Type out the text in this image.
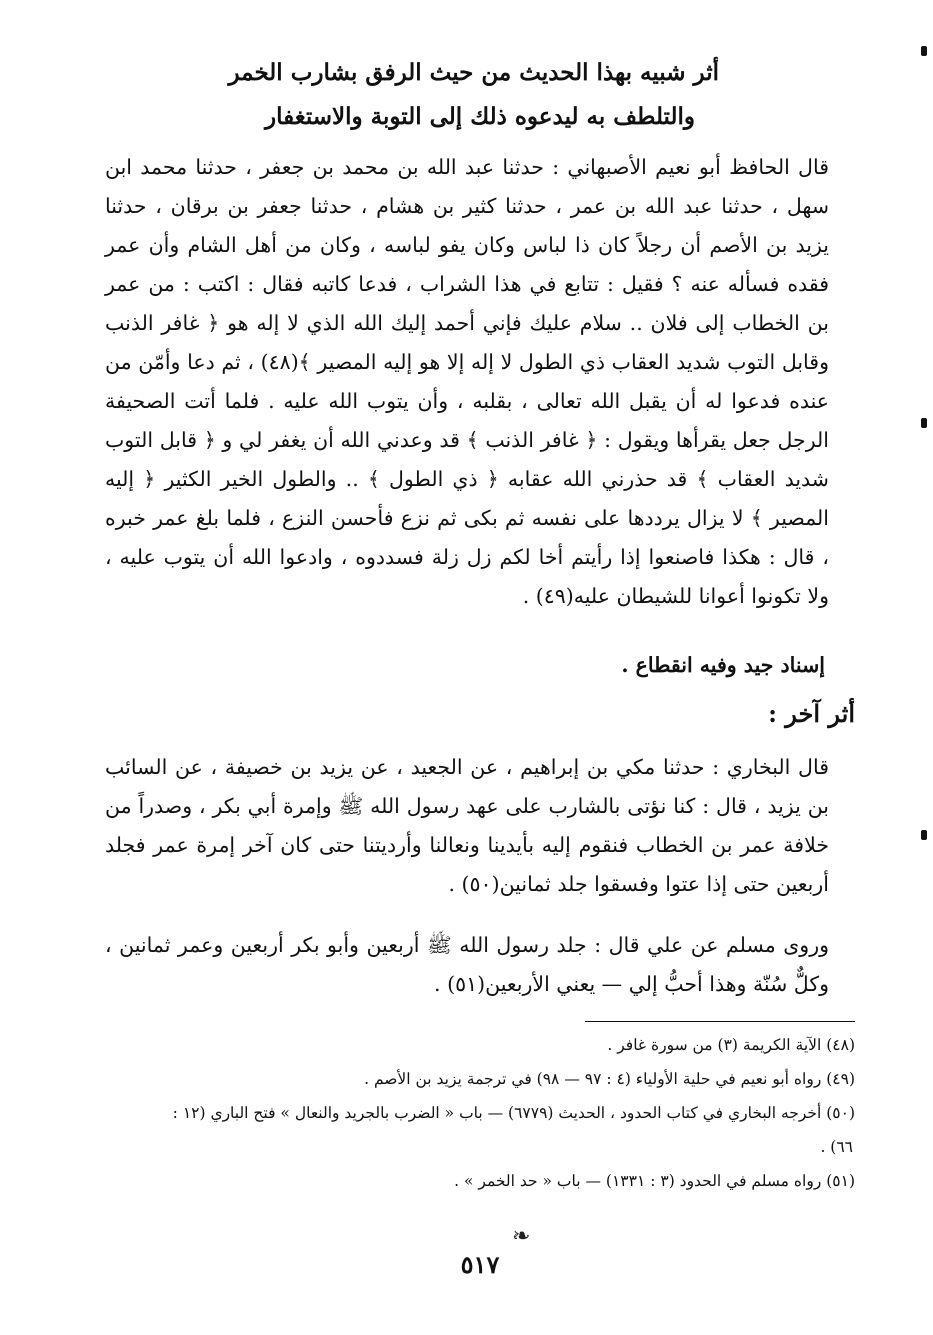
أثر شبيه بهذا الحديث من حيث الرفق بشارب الخمر
والتلطف به ليدعوه ذلك إلى التوبة والاستغفار

قال الحافظ أبو نعيم الأصبهاني : حدثنا عبد الله بن محمد بن جعفر ، حدثنا محمد ابن سهل ، حدثنا عبد الله بن عمر ، حدثنا كثير بن هشام ، حدثنا جعفر بن برقان ، حدثنا يزيد بن الأصم أن رجلاً كان ذا لباس وكان يفو لباسه ، وكان من أهل الشام وأن عمر فقده فسأله عنه ؟ فقيل : تتابع في هذا الشراب ، فدعا كاتبه فقال : اكتب : من عمر بن الخطاب إلى فلان .. سلام عليك فإني أحمد إليك الله الذي لا إله هو ﴿ غافر الذنب وقابل التوب شديد العقاب ذي الطول لا إله إلا هو إليه المصير ﴾(٤٨) ، ثم دعا وأمّن من عنده فدعوا له أن يقبل الله تعالى ، بقلبه ، وأن يتوب الله عليه . فلما أتت الصحيفة الرجل جعل يقرأها ويقول : ﴿ غافر الذنب ﴾ قد وعدني الله أن يغفر لي و ﴿ قابل التوب شديد العقاب ﴾ قد حذرني الله عقابه ﴿ ذي الطول ﴾ .. والطول الخير الكثير ﴿ إليه المصير ﴾ لا يزال يرددها على نفسه ثم بكى ثم نزع فأحسن النزع ، فلما بلغ عمر خبره ، قال : هكذا فاصنعوا إذا رأيتم أخا لكم زل زلة فسددوه ، وادعوا الله أن يتوب عليه ، ولا تكونوا أعوانا للشيطان عليه(٤٩) .

إسناد جيد وفيه انقطاع .
أثر آخر :

قال البخاري : حدثنا مكي بن إبراهيم ، عن الجعيد ، عن يزيد بن خصيفة ، عن السائب بن يزيد ، قال : كنا نؤتى بالشارب على عهد رسول الله ﷺ وإمرة أبي بكر ، وصدراً من خلافة عمر بن الخطاب فنقوم إليه بأيدينا ونعالنا وأرديتنا حتى كان آخر إمرة عمر فجلد أربعين حتى إذا عتوا وفسقوا جلد ثمانين(٥٠) .

وروى مسلم عن علي قال : جلد رسول الله ﷺ أربعين وأبو بكر أربعين وعمر ثمانين ، وكلٌّ سُنّة وهذا أحبُّ إلي — يعني الأربعين(٥١) .

(٤٨) الآية الكريمة (٣) من سورة غافر .

(٤٩) رواه أبو نعيم في حلية الأولياء (٤ : ٩٧ — ٩٨) في ترجمة يزيد بن الأصم .

(٥٠) أخرجه البخاري في كتاب الحدود ، الحديث (٦٧٧٩) — باب « الضرب بالجريد والنعال » فتح الباري (١٢ :

٦٦) .

(٥١) رواه مسلم في الحدود (٣ : ١٣٣١) — باب « حد الخمر » .

❧
٥١٧
